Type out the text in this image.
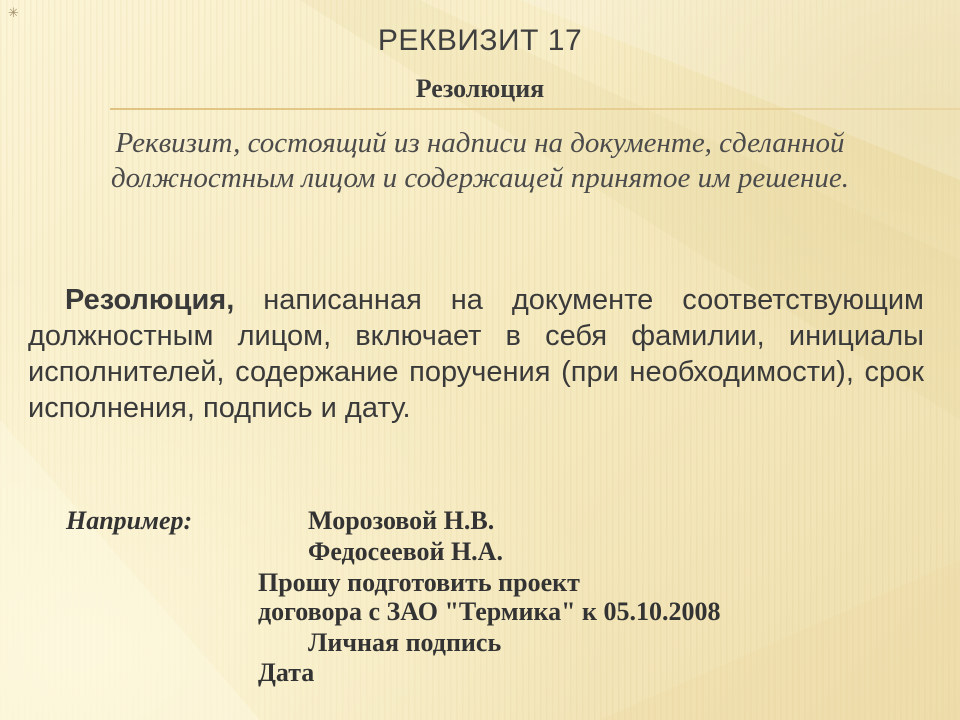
✳
РЕКВИЗИТ 17
Резолюция
Реквизит, состоящий из надписи на документе, сделанной должностным лицом и содержащей принятое им решение.
Резолюция, написанная на документе соответствующим должностным лицом, включает в себя фамилии, инициалы исполнителей, содержание поручения (при необходимости), срок исполнения, подпись и дату.
Например:	Морозовой Н.В.
Федосеевой Н.А.
Прошу подготовить проект
договора с ЗАО "Термика" к 05.10.2008
Личная подпись
Дата
